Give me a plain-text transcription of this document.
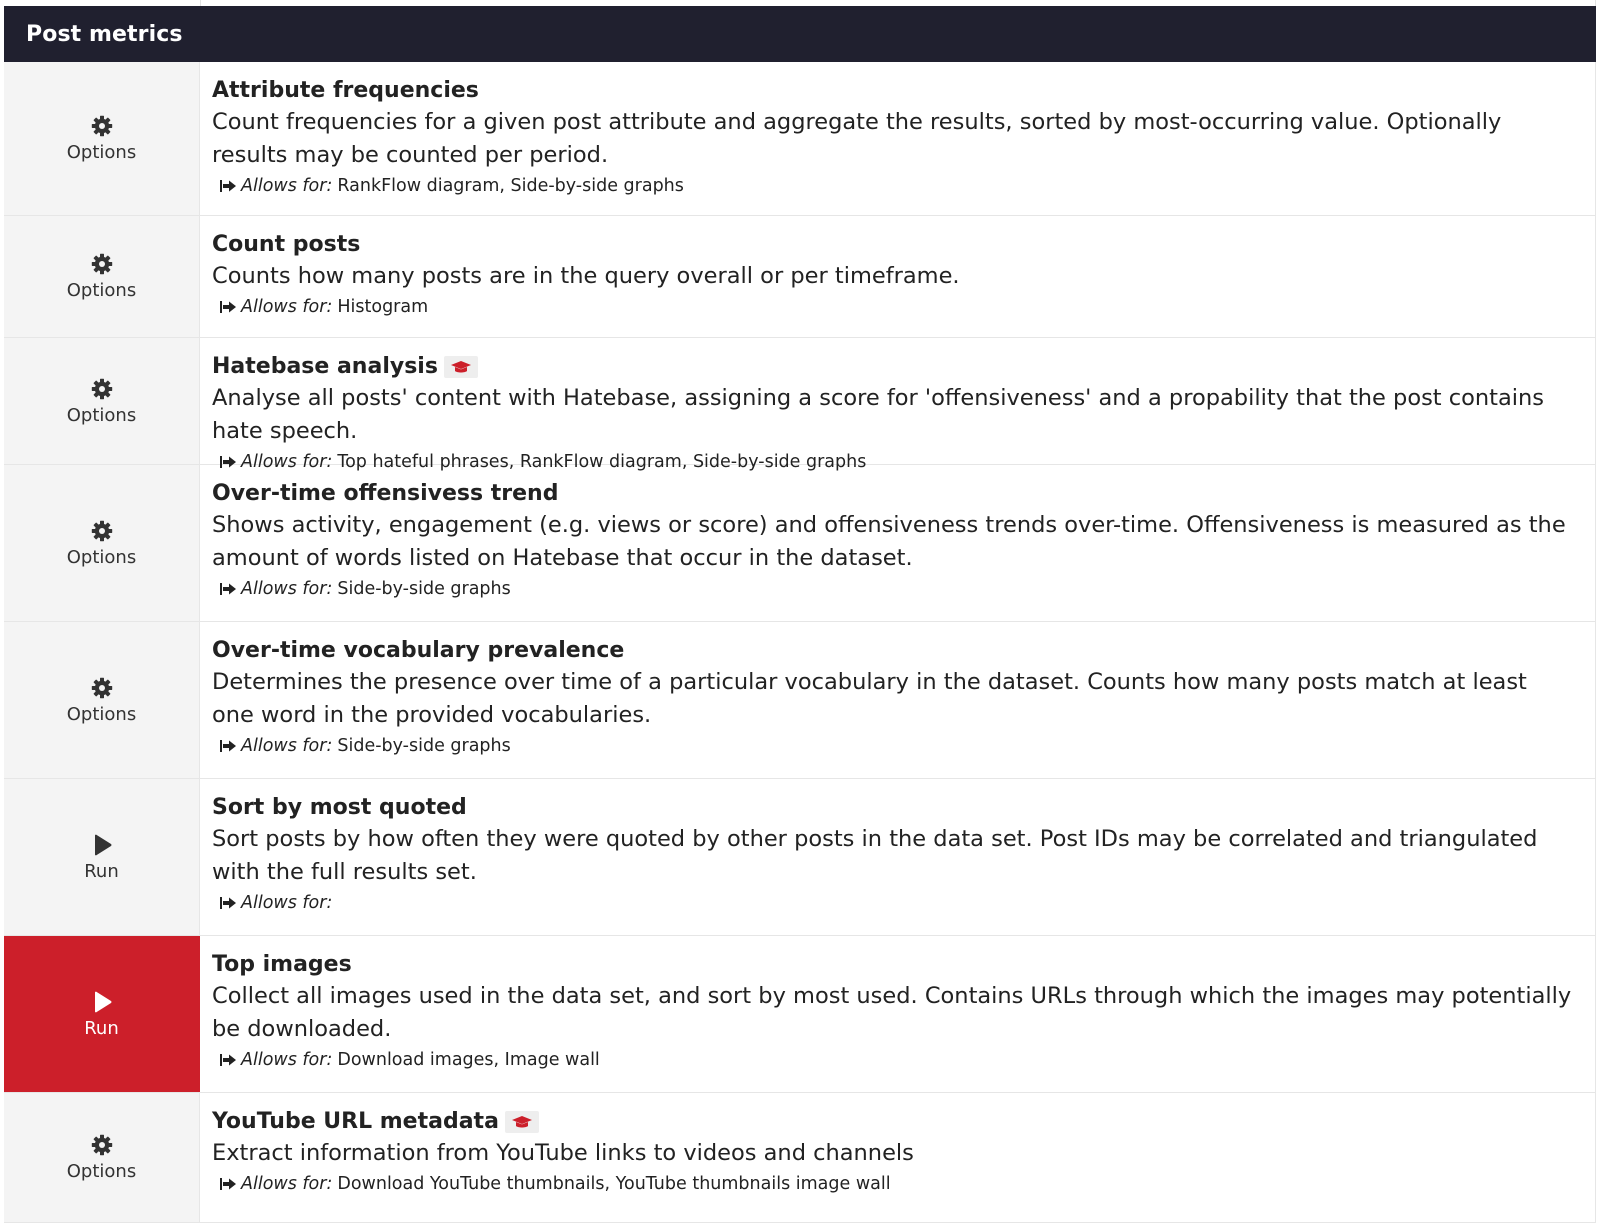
Post metrics
Options
Attribute frequencies
Count frequencies for a given post attribute and aggregate the results, sorted by most-occurring value. Optionally results may be counted per period.
Allows for: RankFlow diagram, Side-by-side graphs
Options
Count posts
Counts how many posts are in the query overall or per timeframe.
Allows for: Histogram
Options
Hatebase analysis
Analyse all posts' content with Hatebase, assigning a score for 'offensiveness' and a propability that the post contains hate speech.
Allows for: Top hateful phrases, RankFlow diagram, Side-by-side graphs
Options
Over-time offensivess trend
Shows activity, engagement (e.g. views or score) and offensiveness trends over-time. Offensiveness is measured as the amount of words listed on Hatebase that occur in the dataset.
Allows for: Side-by-side graphs
Options
Over-time vocabulary prevalence
Determines the presence over time of a particular vocabulary in the dataset. Counts how many posts match at least one word in the provided vocabularies.
Allows for: Side-by-side graphs
Run
Sort by most quoted
Sort posts by how often they were quoted by other posts in the data set. Post IDs may be correlated and triangulated with the full results set.
Allows for:
Run
Top images
Collect all images used in the data set, and sort by most used. Contains URLs through which the images may potentially be downloaded.
Allows for: Download images, Image wall
Options
YouTube URL metadata
Extract information from YouTube links to videos and channels
Allows for: Download YouTube thumbnails, YouTube thumbnails image wall
